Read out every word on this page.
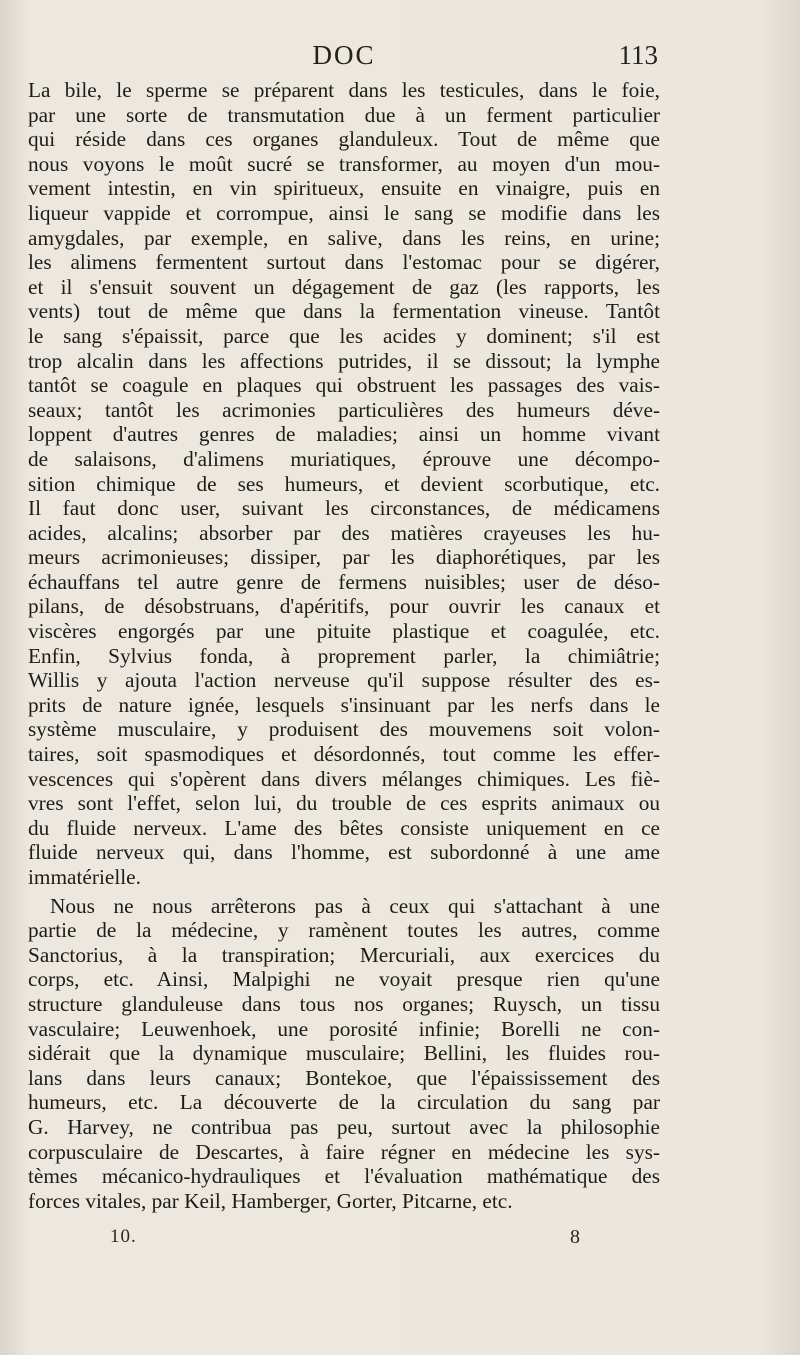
DOC	113
La bile, le sperme se préparent dans les testicules, dans le foie,
par une sorte de transmutation due à un ferment particulier
qui réside dans ces organes glanduleux. Tout de même que
nous voyons le moût sucré se transformer, au moyen d'un mou-
vement intestin, en vin spiritueux, ensuite en vinaigre, puis en
liqueur vappide et corrompue, ainsi le sang se modifie dans les
amygdales, par exemple, en salive, dans les reins, en urine;
les alimens fermentent surtout dans l'estomac pour se digérer,
et il s'ensuit souvent un dégagement de gaz (les rapports, les
vents) tout de même que dans la fermentation vineuse. Tantôt
le sang s'épaissit, parce que les acides y dominent; s'il est
trop alcalin dans les affections putrides, il se dissout; la lymphe
tantôt se coagule en plaques qui obstruent les passages des vais-
seaux; tantôt les acrimonies particulières des humeurs déve-
loppent d'autres genres de maladies; ainsi un homme vivant
de salaisons, d'alimens muriatiques, éprouve une décompo-
sition chimique de ses humeurs, et devient scorbutique, etc.
Il faut donc user, suivant les circonstances, de médicamens
acides, alcalins; absorber par des matières crayeuses les hu-
meurs acrimonieuses; dissiper, par les diaphorétiques, par les
échauffans tel autre genre de fermens nuisibles; user de déso-
pilans, de désobstruans, d'apéritifs, pour ouvrir les canaux et
viscères engorgés par une pituite plastique et coagulée, etc.
Enfin, Sylvius fonda, à proprement parler, la chimiâtrie;
Willis y ajouta l'action nerveuse qu'il suppose résulter des es-
prits de nature ignée, lesquels s'insinuant par les nerfs dans le
système musculaire, y produisent des mouvemens soit volon-
taires, soit spasmodiques et désordonnés, tout comme les effer-
vescences qui s'opèrent dans divers mélanges chimiques. Les fiè-
vres sont l'effet, selon lui, du trouble de ces esprits animaux ou
du fluide nerveux. L'ame des bêtes consiste uniquement en ce
fluide nerveux qui, dans l'homme, est subordonné à une ame
immatérielle.
Nous ne nous arrêterons pas à ceux qui s'attachant à une
partie de la médecine, y ramènent toutes les autres, comme
Sanctorius, à la transpiration; Mercuriali, aux exercices du
corps, etc. Ainsi, Malpighi ne voyait presque rien qu'une
structure glanduleuse dans tous nos organes; Ruysch, un tissu
vasculaire; Leuwenhoek, une porosité infinie; Borelli ne con-
sidérait que la dynamique musculaire; Bellini, les fluides rou-
lans dans leurs canaux; Bontekoe, que l'épaississement des
humeurs, etc. La découverte de la circulation du sang par
G. Harvey, ne contribua pas peu, surtout avec la philosophie
corpusculaire de Descartes, à faire régner en médecine les sys-
tèmes mécanico-hydrauliques et l'évaluation mathématique des
forces vitales, par Keil, Hamberger, Gorter, Pitcarne, etc.
10.	8
